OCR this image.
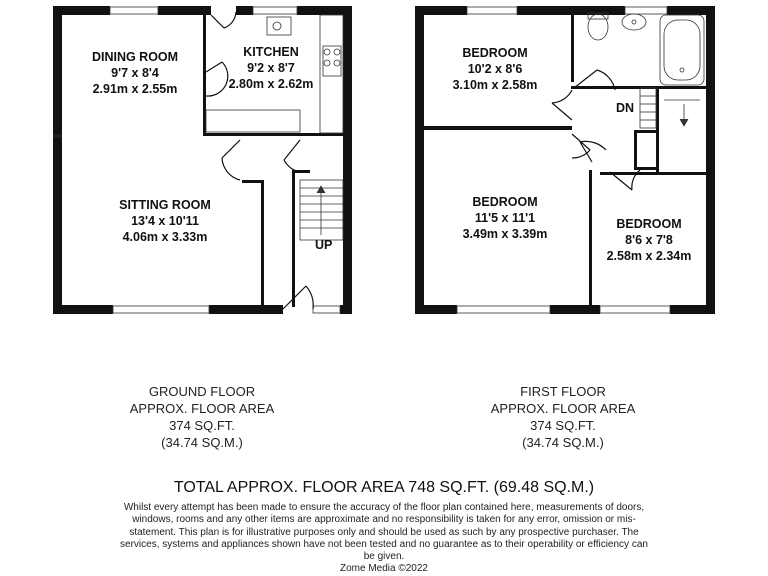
DINING ROOM
9'7 x 8'4
2.91m x 2.55m
KITCHEN
9'2 x 8'7
2.80m x 2.62m
SITTING ROOM
13'4 x 10'11
4.06m x 3.33m
UP
BEDROOM
10'2 x 8'6
3.10m x 2.58m
BEDROOM
11'5 x 11'1
3.49m x 3.39m
BEDROOM
8'6 x 7'8
2.58m x 2.34m
DN
GROUND FLOOR
APPROX. FLOOR AREA
374 SQ.FT.
(34.74 SQ.M.)
FIRST FLOOR
APPROX. FLOOR AREA
374 SQ.FT.
(34.74 SQ.M.)
TOTAL APPROX. FLOOR AREA 748 SQ.FT. (69.48 SQ.M.)
Whilst every attempt has been made to ensure the accuracy of the floor plan contained here, measurements of doors, windows, rooms and any other items are approximate and no responsibility is taken for any error, omission or mis-statement. This plan is for illustrative purposes only and should be used as such by any prospective purchaser. The services, systems and appliances shown have not been tested and no guarantee as to their operability or efficiency can be given.
Zome Media ©2022
